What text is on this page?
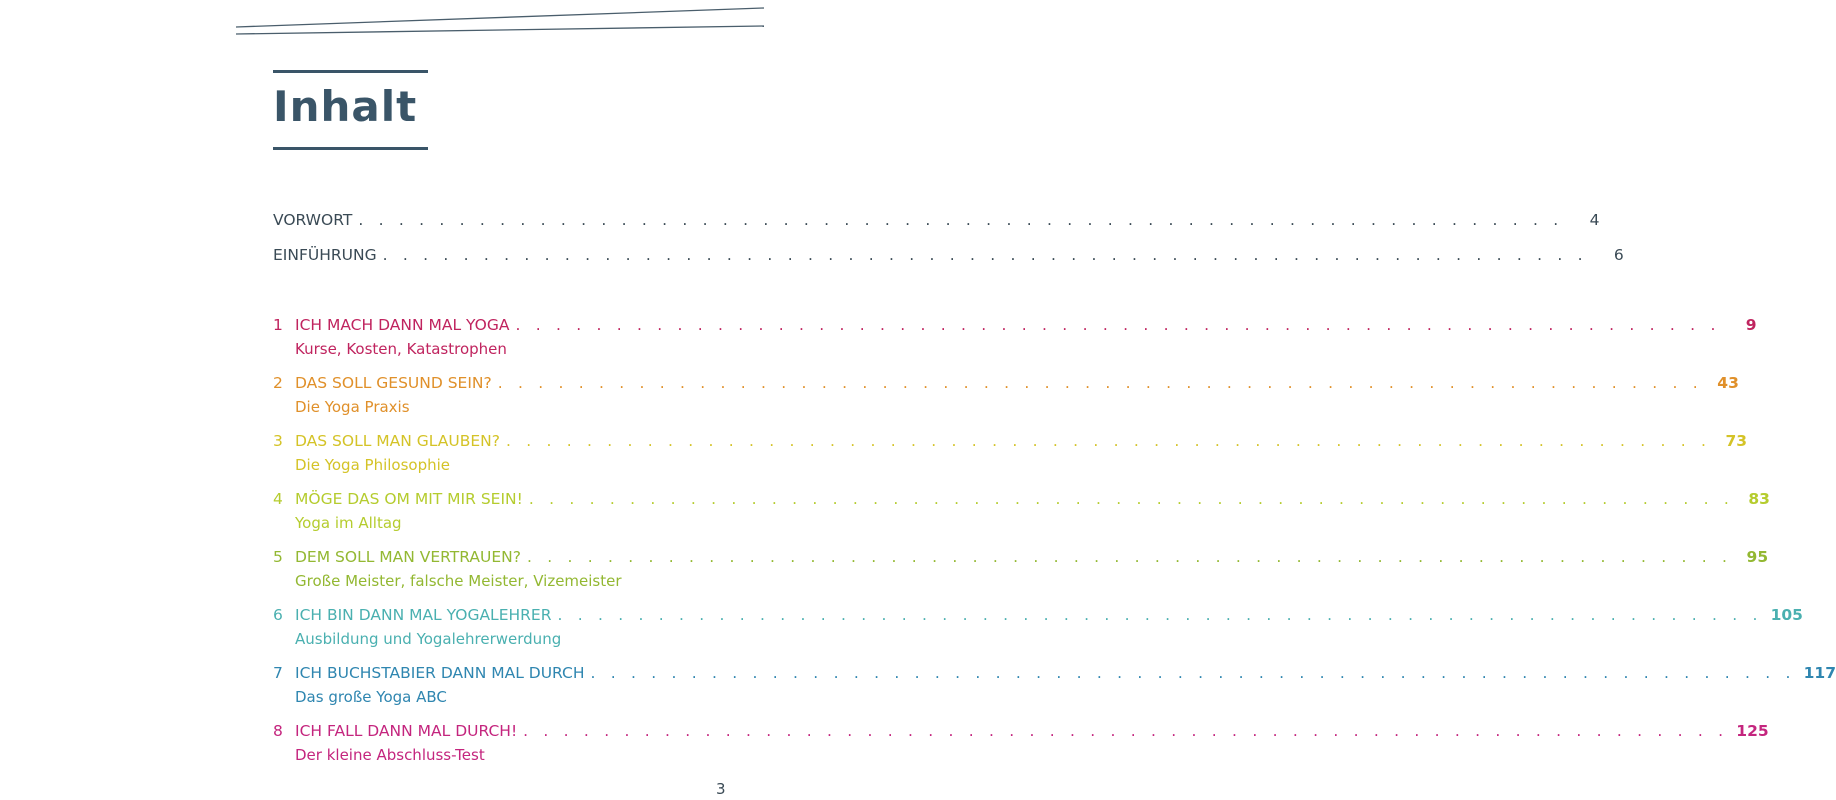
Inhalt
VORWORT . . . . . . . . . . . . . . . . . . . . . . . . . . . . . . . . . . . . . . . . . . . . . . . . . . . . . . . . . . . .	4
EINFÜHRUNG . . . . . . . . . . . . . . . . . . . . . . . . . . . . . . . . . . . . . . . . . . . . . . . . . . . . . . . . . . . .	6
1 ICH MACH DANN MAL YOGA . . . . . . . . . . . . . . . . . . . . . . . . . . . . . . . . . . . . . . . . . . . . . . . . . . . . . . . . . . . .	9
Kurse, Kosten, Katastrophen
2 DAS SOLL GESUND SEIN? . . . . . . . . . . . . . . . . . . . . . . . . . . . . . . . . . . . . . . . . . . . . . . . . . . . . . . . . . . . . 43
Die Yoga Praxis
3 DAS SOLL MAN GLAUBEN? . . . . . . . . . . . . . . . . . . . . . . . . . . . . . . . . . . . . . . . . . . . . . . . . . . . . . . . . . . . . 73
Die Yoga Philosophie
4 MÖGE DAS OM MIT MIR SEIN! . . . . . . . . . . . . . . . . . . . . . . . . . . . . . . . . . . . . . . . . . . . . . . . . . . . . . . . . . . . . 83
Yoga im Alltag
5 DEM SOLL MAN VERTRAUEN? . . . . . . . . . . . . . . . . . . . . . . . . . . . . . . . . . . . . . . . . . . . . . . . . . . . . . . . . . . . . 95
Große Meister, falsche Meister, Vizemeister
6 ICH BIN DANN MAL YOGALEHRER . . . . . . . . . . . . . . . . . . . . . . . . . . . . . . . . . . . . . . . . . . . . . . . . . . . . . . . . . . . . 105
Ausbildung und Yogalehrerwerdung
7 ICH BUCHSTABIER DANN MAL DURCH . . . . . . . . . . . . . . . . . . . . . . . . . . . . . . . . . . . . . . . . . . . . . . . . . . . . . . . . . . . . 117
Das große Yoga ABC
8 ICH FALL DANN MAL DURCH! . . . . . . . . . . . . . . . . . . . . . . . . . . . . . . . . . . . . . . . . . . . . . . . . . . . . . . . . . . . . 125
Der kleine Abschluss-Test
3
